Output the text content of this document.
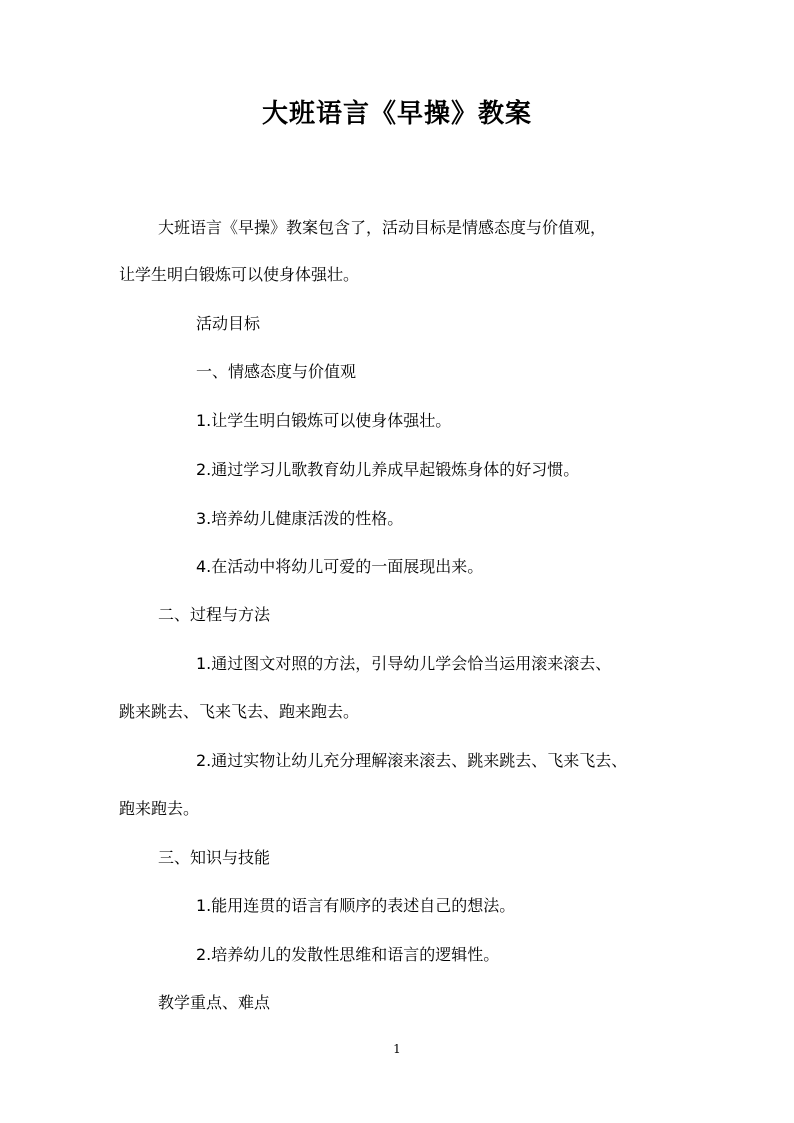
大班语言《早操》教案
大班语言《早操》教案包含了，活动目标是情感态度与价值观，
让学生明白锻炼可以使身体强壮。
活动目标
一、情感态度与价值观
1.让学生明白锻炼可以使身体强壮。
2.通过学习儿歌教育幼儿养成早起锻炼身体的好习惯。
3.培养幼儿健康活泼的性格。
4.在活动中将幼儿可爱的一面展现出来。
二、过程与方法
1.通过图文对照的方法，引导幼儿学会恰当运用滚来滚去、
跳来跳去、飞来飞去、跑来跑去。
2.通过实物让幼儿充分理解滚来滚去、跳来跳去、飞来飞去、
跑来跑去。
三、知识与技能
1.能用连贯的语言有顺序的表述自己的想法。
2.培养幼儿的发散性思维和语言的逻辑性。
教学重点、难点
1
